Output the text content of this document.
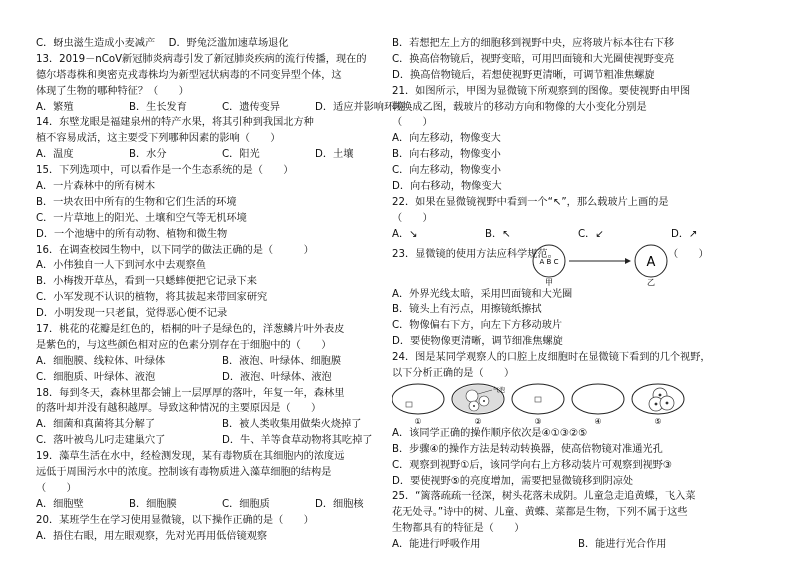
C．蚜虫滋生造成小麦减产　 D．野兔泛滥加速草场退化
13．2019－nCoV新冠肺炎病毒引发了新冠肺炎疾病的流行传播，现在的
德尔塔毒株和奥密克戎毒株均为新型冠状病毒的不同变异型个体，这
体现了生物的哪种特征？（　　）
A．繁殖	B．生长发育	C．遗传变异	D．适应并影响环境
14．东壁龙眼是福建泉州的特产水果，将其引种到我国北方种
植不容易成活，这主要受下列哪种因素的影响（　　）
A．温度	B．水分	C．阳光	D．土壤
15．下列选项中，可以看作是一个生态系统的是（　　）
A．一片森林中的所有树木
B．一块农田中所有的生物和它们生活的环境
C．一片草地上的阳光、土壤和空气等无机环境
D．一个池塘中的所有动物、植物和微生物
16．在调查校园生物中，以下同学的做法正确的是（　　　）
A．小伟独自一人下到河水中去观察鱼
B．小梅拨开草丛，看到一只蟋蟀便把它记录下来
C．小军发现不认识的植物，将其拔起来带回家研究
D．小明发现一只老鼠，觉得恶心便不记录
17．桃花的花瓣是红色的，梧桐的叶子是绿色的，洋葱鳞片叶外表皮
是紫色的，与这些颜色相对应的色素分别存在于细胞中的（　　）
A．细胞膜、线粒体、叶绿体	B．液泡、叶绿体、细胞膜
C．细胞质、叶绿体、液泡	D．液泡、叶绿体、液泡
18．每到冬天，森林里都会铺上一层厚厚的落叶，年复一年，森林里
的落叶却并没有越积越厚。导致这种情况的主要原因是（　　）
A．细菌和真菌将其分解了	B．被人类收集用做柴火烧掉了
C．落叶被鸟儿叼走建巢穴了	D．牛、羊等食草动物将其吃掉了
19．藻草生活在水中，经检测发现，某有毒物质在其细胞内的浓度远
远低于周围污水中的浓度。控制该有毒物质进入藻草细胞的结构是
（　　）
A．细胞壁	B．细胞膜	C．细胞质	D．细胞核
20．某班学生在学习使用显微镜，以下操作正确的是（　　）
A．捂住右眼，用左眼观察，先对光再用低倍镜观察
B．若想把左上方的细胞移到视野中央，应将玻片标本往右下移
C．换高倍物镜后，视野变暗，可用凹面镜和大光圈使视野变亮
D．换高倍物镜后，若想使视野更清晰，可调节粗准焦螺旋
21．如图所示，甲图为显微镜下所观察到的图像。要使视野由甲图
转换成乙图，载玻片的移动方向和物像的大小变化分别是
（　　）
A．向左移动，物像变大
B．向右移动，物像变小
C．向左移动，物像变小
D．向右移动，物像变大
22．如果在显微镜视野中看到一个“↖”，那么载玻片上画的是
（　　）
A．↘	B．↖	C．↙	D．↗
23．显微镜的使用方法应科学规范。
A B C	A
甲	乙
（　　）
A．外界光线太暗，采用凹面镜和大光圈
B．镜头上有污点，用擦镜纸擦拭
C．物像偏右下方，向左下方移动玻片
D．要使物像更清晰，调节细准焦螺旋
24．图是某同学观察人的口腔上皮细胞时在显微镜下看到的几个视野，
以下分析正确的是（　　）
①	②	③	④	⑤
气泡
A．该同学正确的操作顺序依次是④①③②⑤
B．步骤④的操作方法是转动转换器，使高倍物镜对准通光孔
C．观察到视野①后，该同学向右上方移动装片可观察到视野③
D．要使视野⑤的亮度增加，需要把显微镜移到阴凉处
25．“篱落疏疏一径深，树头花落未成阴。儿童急走追黄蝶，飞入菜
花无处寻。”诗中的树、儿童、黄蝶、菜都是生物，下列不属于这些
生物都具有的特征是（　　）
A．能进行呼吸作用	B．能进行光合作用
